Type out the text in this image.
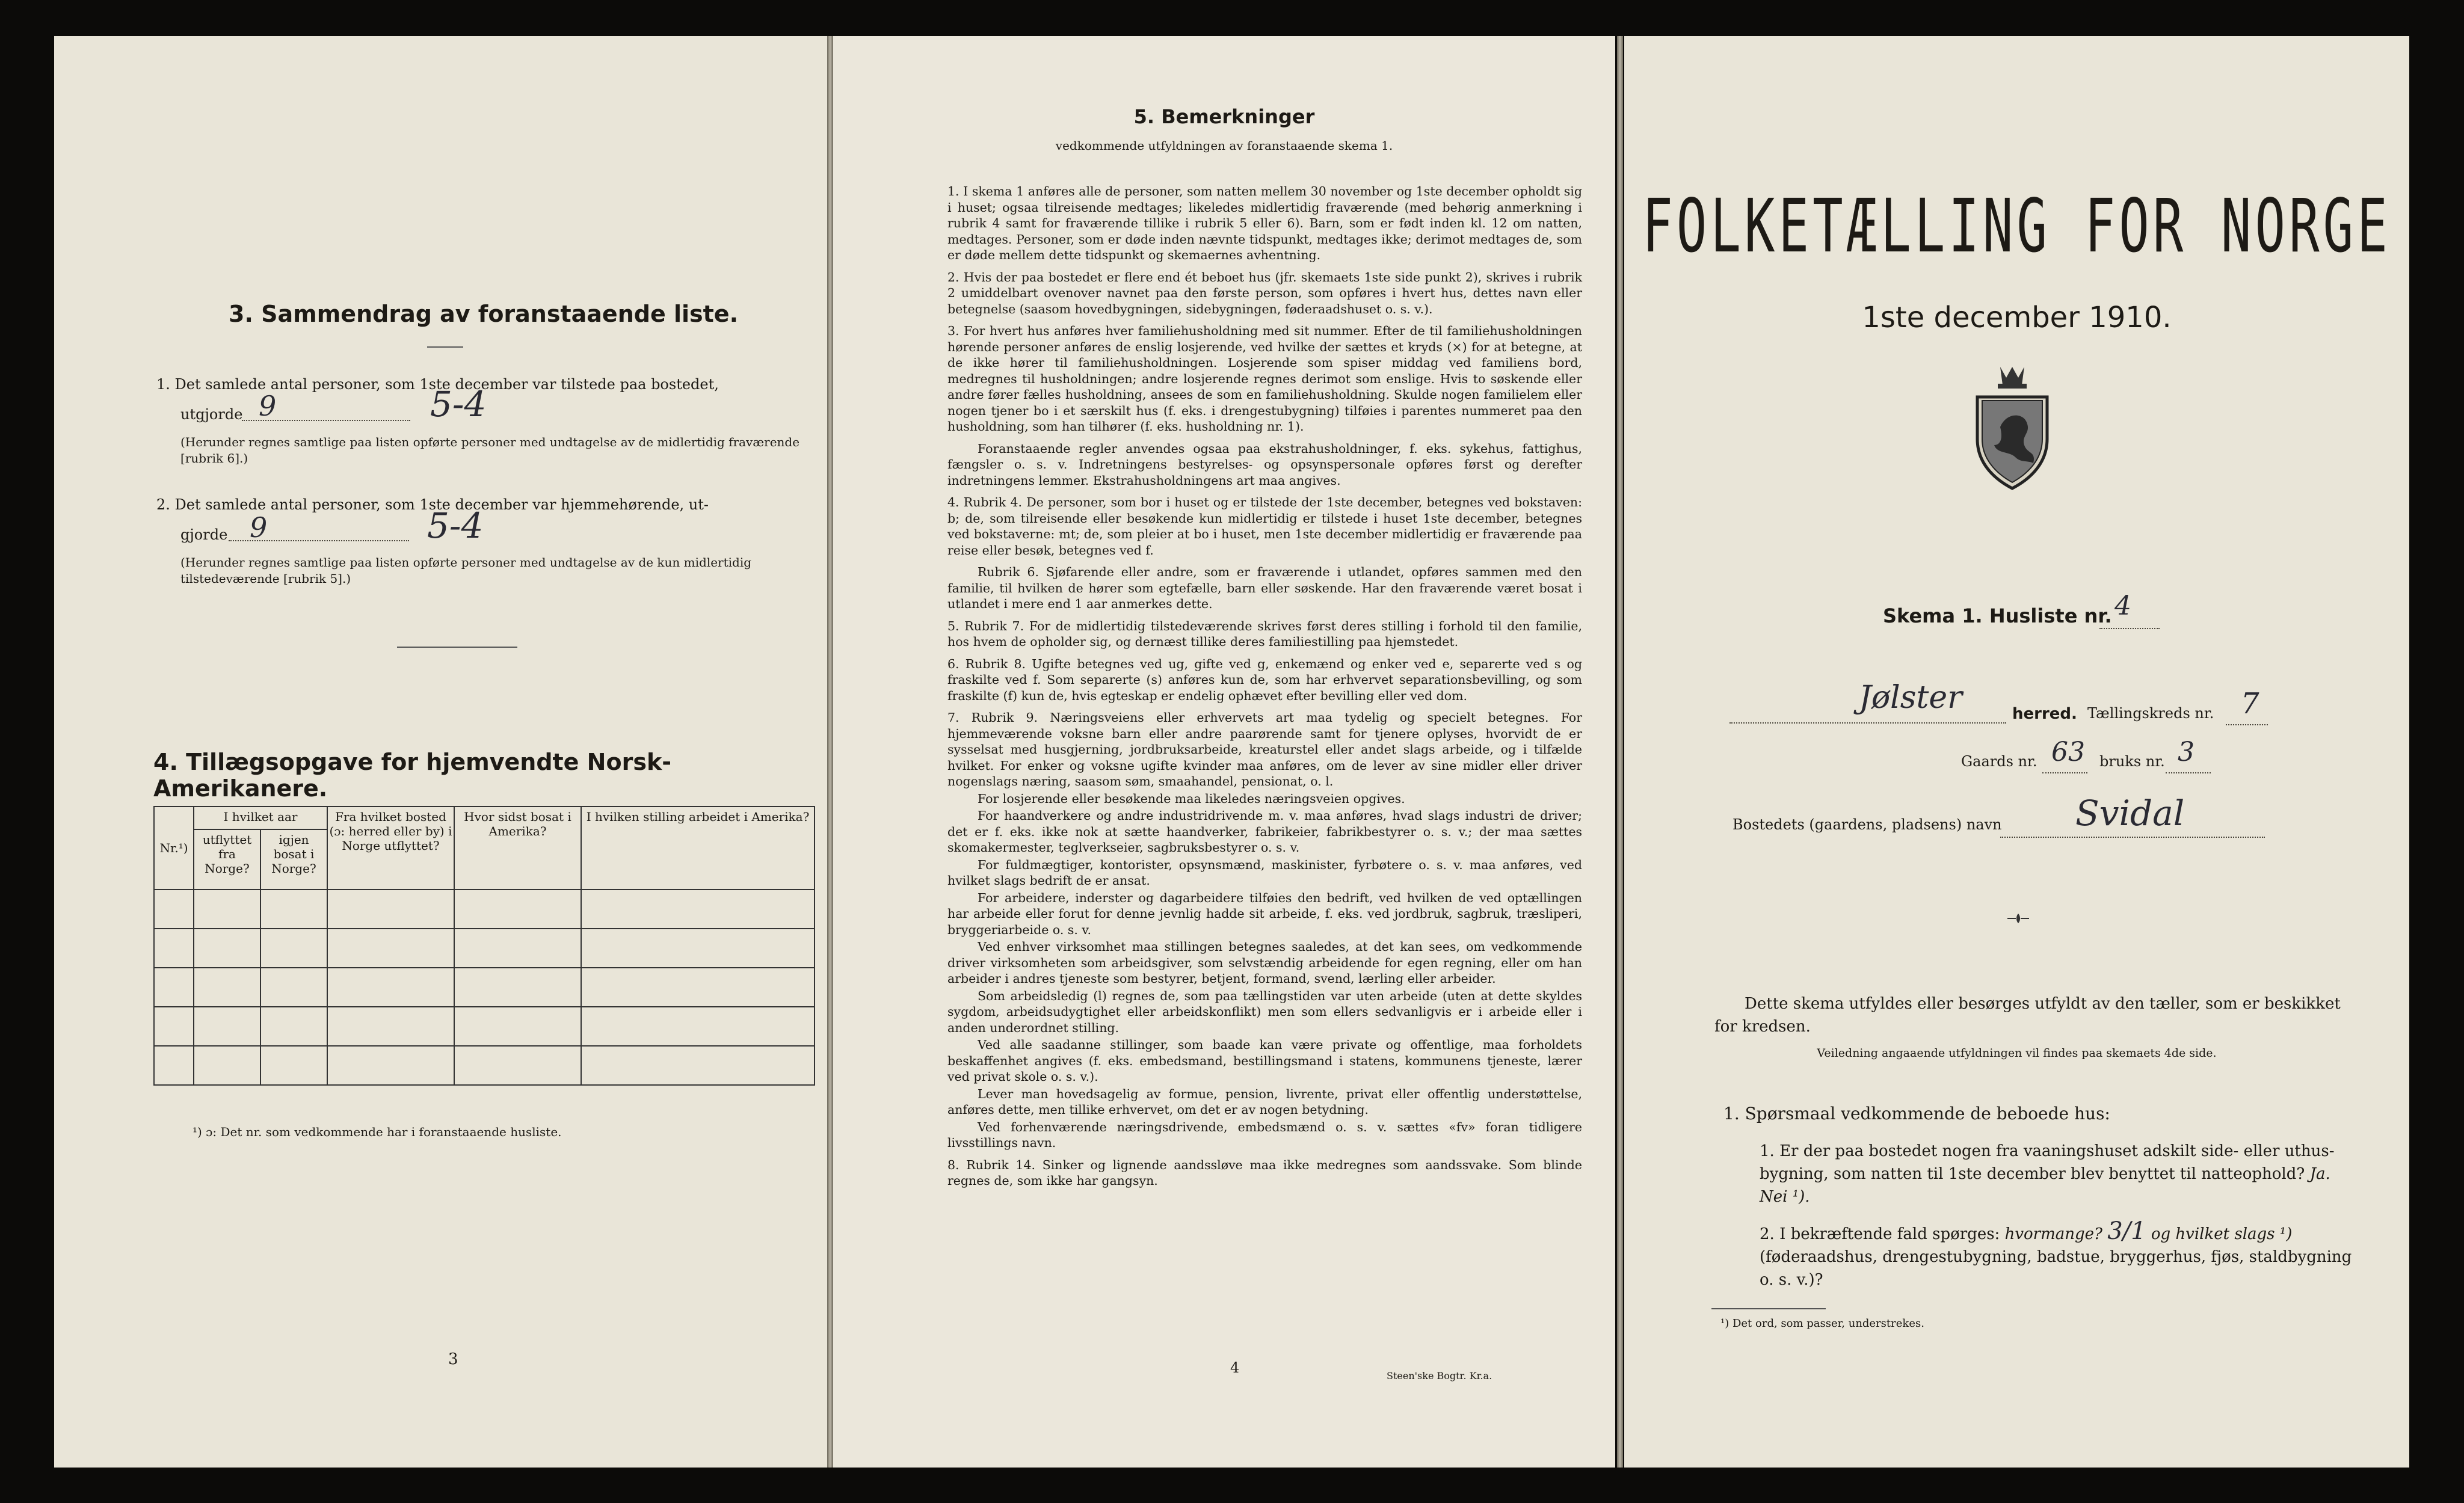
3. Sammendrag av foranstaaende liste.
1. Det samlede antal personer, som 1ste december var tilstede paa bostedet,
utgjorde 9	5-4
(Herunder regnes samtlige paa listen opførte personer med undtagelse av de midlertidig fraværende [rubrik 6].)
2. Det samlede antal personer, som 1ste december var hjemmehørende, ut-
gjorde 9	5-4
(Herunder regnes samtlige paa listen opførte personer med undtagelse av de kun midlertidig tilstedeværende [rubrik 5].)
4. Tillægsopgave for hjemvendte Norsk-Amerikanere.
Nr.¹)	I hvilket aar		Fra hvilket bosted (ɔ: herred eller by) i Norge utflyttet?	Hvor sidst bosat i Amerika?	I hvilken stilling arbeidet i Amerika?
	utflyttet fra Norge?	igjen bosat i Norge?			

¹) ɔ: Det nr. som vedkommende har i foranstaaende husliste.
3
5. Bemerkninger
vedkommende utfyldningen av foranstaaende skema 1.

1. I skema 1 anføres alle de personer, som natten mellem 30 november og 1ste december opholdt sig i huset; ogsaa tilreisende medtages; likeledes midlertidig fraværende (med behørig anmerkning i rubrik 4 samt for fraværende tillike i rubrik 5 eller 6). Barn, som er født inden kl. 12 om natten, medtages. Personer, som er døde inden nævnte tidspunkt, medtages ikke; derimot medtages de, som er døde mellem dette tidspunkt og skemaernes avhentning.

2. Hvis der paa bostedet er flere end ét beboet hus (jfr. skemaets 1ste side punkt 2), skrives i rubrik 2 umiddelbart ovenover navnet paa den første person, som opføres i hvert hus, dettes navn eller betegnelse (saasom hovedbygningen, sidebygningen, føderaadshuset o. s. v.).

3. For hvert hus anføres hver familiehusholdning med sit nummer. Efter de til familiehusholdningen hørende personer anføres de enslig losjerende, ved hvilke der sættes et kryds (×) for at betegne, at de ikke hører til familiehusholdningen. Losjerende som spiser middag ved familiens bord, medregnes til husholdningen; andre losjerende regnes derimot som enslige. Hvis to søskende eller andre fører fælles husholdning, ansees de som en familiehusholdning. Skulde nogen familielem eller nogen tjener bo i et særskilt hus (f. eks. i drengestubygning) tilføies i parentes nummeret paa den husholdning, som han tilhører (f. eks. husholdning nr. 1).

Foranstaaende regler anvendes ogsaa paa ekstrahusholdninger, f. eks. sykehus, fattighus, fængsler o. s. v. Indretningens bestyrelses- og opsynspersonale opføres først og derefter indretningens lemmer. Ekstrahusholdningens art maa angives.

4. Rubrik 4. De personer, som bor i huset og er tilstede der 1ste december, betegnes ved bokstaven: b; de, som tilreisende eller besøkende kun midlertidig er tilstede i huset 1ste december, betegnes ved bokstaverne: mt; de, som pleier at bo i huset, men 1ste december midlertidig er fraværende paa reise eller besøk, betegnes ved f.

Rubrik 6. Sjøfarende eller andre, som er fraværende i utlandet, opføres sammen med den familie, til hvilken de hører som egtefælle, barn eller søskende. Har den fraværende været bosat i utlandet i mere end 1 aar anmerkes dette.

5. Rubrik 7. For de midlertidig tilstedeværende skrives først deres stilling i forhold til den familie, hos hvem de opholder sig, og dernæst tillike deres familiestilling paa hjemstedet.

6. Rubrik 8. Ugifte betegnes ved ug, gifte ved g, enkemænd og enker ved e, separerte ved s og fraskilte ved f. Som separerte (s) anføres kun de, som har erhvervet separationsbevilling, og som fraskilte (f) kun de, hvis egteskap er endelig ophævet efter bevilling eller ved dom.

7. Rubrik 9. Næringsveiens eller erhvervets art maa tydelig og specielt betegnes. For hjemmeværende voksne barn eller andre paarørende samt for tjenere oplyses, hvorvidt de er sysselsat med husgjerning, jordbruksarbeide, kreaturstel eller andet slags arbeide, og i tilfælde hvilket. For enker og voksne ugifte kvinder maa anføres, om de lever av sine midler eller driver nogenslags næring, saasom søm, smaahandel, pensionat, o. l.

For losjerende eller besøkende maa likeledes næringsveien opgives.

For haandverkere og andre industridrivende m. v. maa anføres, hvad slags industri de driver; det er f. eks. ikke nok at sætte haandverker, fabrikeier, fabrikbestyrer o. s. v.; der maa sættes skomakermester, teglverkseier, sagbruksbestyrer o. s. v.

For fuldmægtiger, kontorister, opsynsmænd, maskinister, fyrbøtere o. s. v. maa anføres, ved hvilket slags bedrift de er ansat.

For arbeidere, inderster og dagarbeidere tilføies den bedrift, ved hvilken de ved optællingen har arbeide eller forut for denne jevnlig hadde sit arbeide, f. eks. ved jordbruk, sagbruk, træsliperi, bryggeriarbeide o. s. v.

Ved enhver virksomhet maa stillingen betegnes saaledes, at det kan sees, om vedkommende driver virksomheten som arbeidsgiver, som selvstændig arbeidende for egen regning, eller om han arbeider i andres tjeneste som bestyrer, betjent, formand, svend, lærling eller arbeider.

Som arbeidsledig (l) regnes de, som paa tællingstiden var uten arbeide (uten at dette skyldes sygdom, arbeidsudygtighet eller arbeidskonflikt) men som ellers sedvanligvis er i arbeide eller i anden underordnet stilling.

Ved alle saadanne stillinger, som baade kan være private og offentlige, maa forholdets beskaffenhet angives (f. eks. embedsmand, bestillingsmand i statens, kommunens tjeneste, lærer ved privat skole o. s. v.).

Lever man hovedsagelig av formue, pension, livrente, privat eller offentlig understøttelse, anføres dette, men tillike erhvervet, om det er av nogen betydning.

Ved forhenværende næringsdrivende, embedsmænd o. s. v. sættes «fv» foran tidligere livsstillings navn.

8. Rubrik 14. Sinker og lignende aandssløve maa ikke medregnes som aandssvake. Som blinde regnes de, som ikke har gangsyn.

4	Steen'ske Bogtr. Kr.a.
FOLKETÆLLING FOR NORGE
1ste december 1910.
Skema 1. Husliste nr. 4
Jølster	herred. Tællingskreds nr. 7
Gaards nr. 63 bruks nr. 3
Bostedets (gaardens, pladsens) navn Svidal
Dette skema utfyldes eller besørges utfyldt av den tæller, som er beskikket for kredsen.
Veiledning angaaende utfyldningen vil findes paa skemaets 4de side.
1. Spørsmaal vedkommende de beboede hus:
1. Er der paa bostedet nogen fra vaaningshuset adskilt side- eller uthus-bygning, som natten til 1ste december blev benyttet til natteophold? Ja. Nei ¹).
2. I bekræftende fald spørges: hvormange? 3/1 og hvilket slags ¹) (føderaadshus, drengestubygning, badstue, bryggerhus, fjøs, staldbygning o. s. v.)?
¹) Det ord, som passer, understrekes.
